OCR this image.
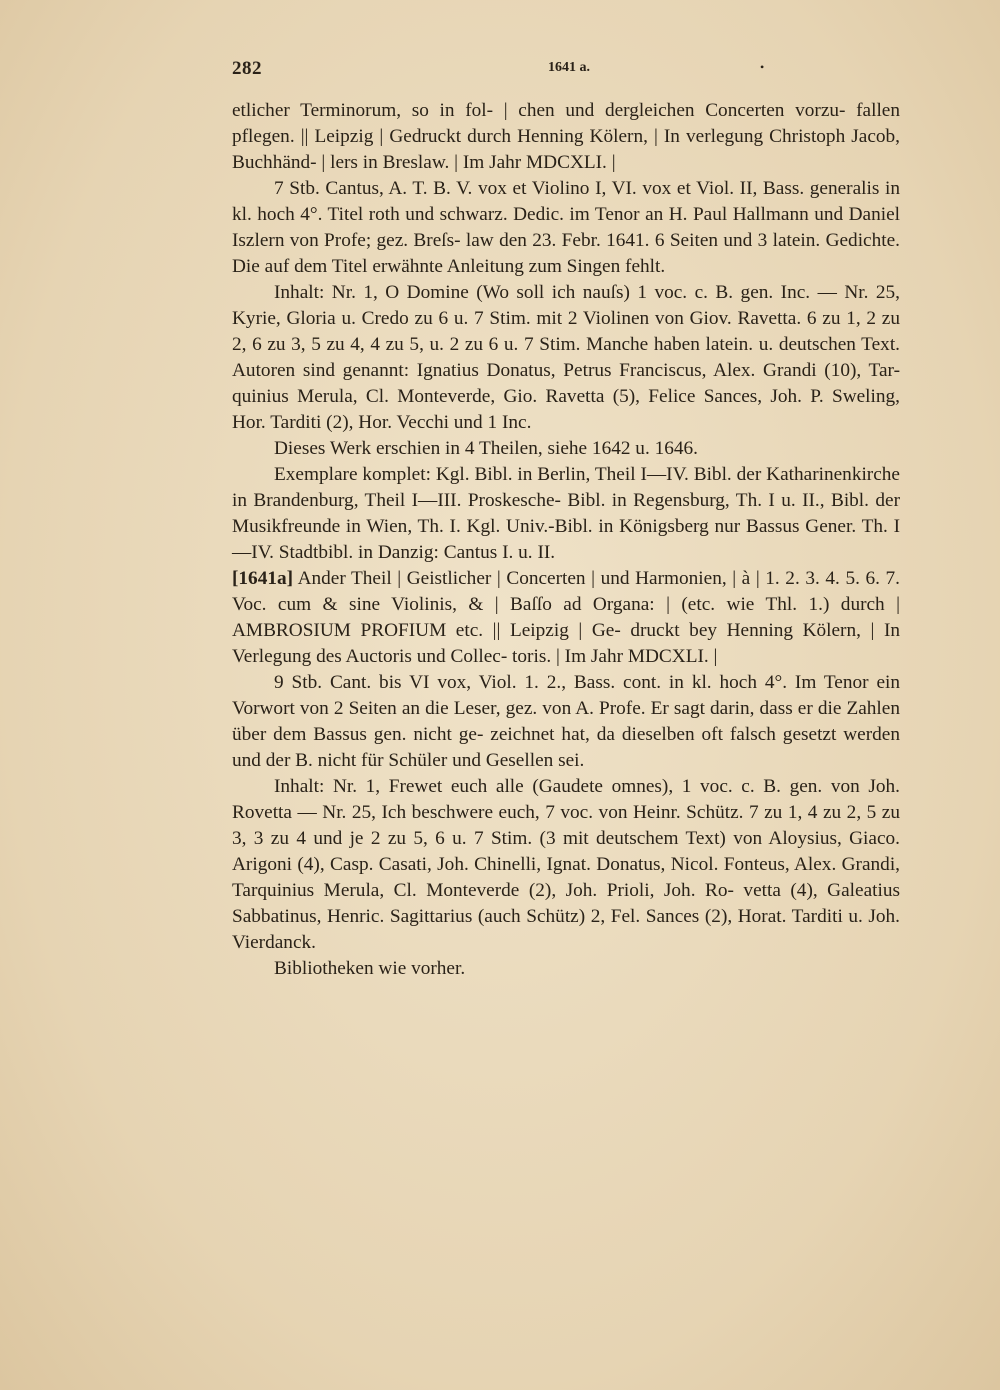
282	1641 a.	•

etlicher Terminorum, so in fol- | chen und dergleichen Concerten vorzu- fallen pflegen. || Leipzig | Gedruckt durch Henning Kölern, | In verlegung Christoph Jacob, Buchhänd- | lers in Breslaw. | Im Jahr MDCXLI. |

7 Stb. Cantus, A. T. B. V. vox et Violino I, VI. vox et Viol. II, Bass. generalis in kl. hoch 4°. Titel roth und schwarz. Dedic. im Tenor an H. Paul Hallmann und Daniel Iszlern von Profe; gez. Breſs- law den 23. Febr. 1641. 6 Seiten und 3 latein. Gedichte. Die auf dem Titel erwähnte Anleitung zum Singen fehlt.

Inhalt: Nr. 1, O Domine (Wo soll ich nauſs) 1 voc. c. B. gen. Inc. — Nr. 25, Kyrie, Gloria u. Credo zu 6 u. 7 Stim. mit 2 Violinen von Giov. Ravetta. 6 zu 1, 2 zu 2, 6 zu 3, 5 zu 4, 4 zu 5, u. 2 zu 6 u. 7 Stim. Manche haben latein. u. deutschen Text. Autoren sind genannt: Ignatius Donatus, Petrus Franciscus, Alex. Grandi (10), Tar- quinius Merula, Cl. Monteverde, Gio. Ravetta (5), Felice Sances, Joh. P. Sweling, Hor. Tarditi (2), Hor. Vecchi und 1 Inc.

Dieses Werk erschien in 4 Theilen, siehe 1642 u. 1646.

Exemplare komplet: Kgl. Bibl. in Berlin, Theil I—IV. Bibl. der Katharinenkirche in Brandenburg, Theil I—III. Proskesche- Bibl. in Regensburg, Th. I u. II., Bibl. der Musikfreunde in Wien, Th. I. Kgl. Univ.-Bibl. in Königsberg nur Bassus Gener. Th. I—IV. Stadtbibl. in Danzig: Cantus I. u. II.

[1641a] Ander Theil | Geistlicher | Concerten | und Harmonien, | à | 1. 2. 3. 4. 5. 6. 7. Voc. cum & sine Violinis, & | Baſſo ad Organa: | (etc. wie Thl. 1.) durch | AMBROSIUM PROFIUM etc. || Leipzig | Ge- druckt bey Henning Kölern, | In Verlegung des Auctoris und Collec- toris. | Im Jahr MDCXLI. |

9 Stb. Cant. bis VI vox, Viol. 1. 2., Bass. cont. in kl. hoch 4°. Im Tenor ein Vorwort von 2 Seiten an die Leser, gez. von A. Profe. Er sagt darin, dass er die Zahlen über dem Bassus gen. nicht ge- zeichnet hat, da dieselben oft falsch gesetzt werden und der B. nicht für Schüler und Gesellen sei.

Inhalt: Nr. 1, Frewet euch alle (Gaudete omnes), 1 voc. c. B. gen. von Joh. Rovetta — Nr. 25, Ich beschwere euch, 7 voc. von Heinr. Schütz. 7 zu 1, 4 zu 2, 5 zu 3, 3 zu 4 und je 2 zu 5, 6 u. 7 Stim. (3 mit deutschem Text) von Aloysius, Giaco. Arigoni (4), Casp. Casati, Joh. Chinelli, Ignat. Donatus, Nicol. Fonteus, Alex. Grandi, Tarquinius Merula, Cl. Monteverde (2), Joh. Prioli, Joh. Ro- vetta (4), Galeatius Sabbatinus, Henric. Sagittarius (auch Schütz) 2, Fel. Sances (2), Horat. Tarditi u. Joh. Vierdanck.

Bibliotheken wie vorher.
